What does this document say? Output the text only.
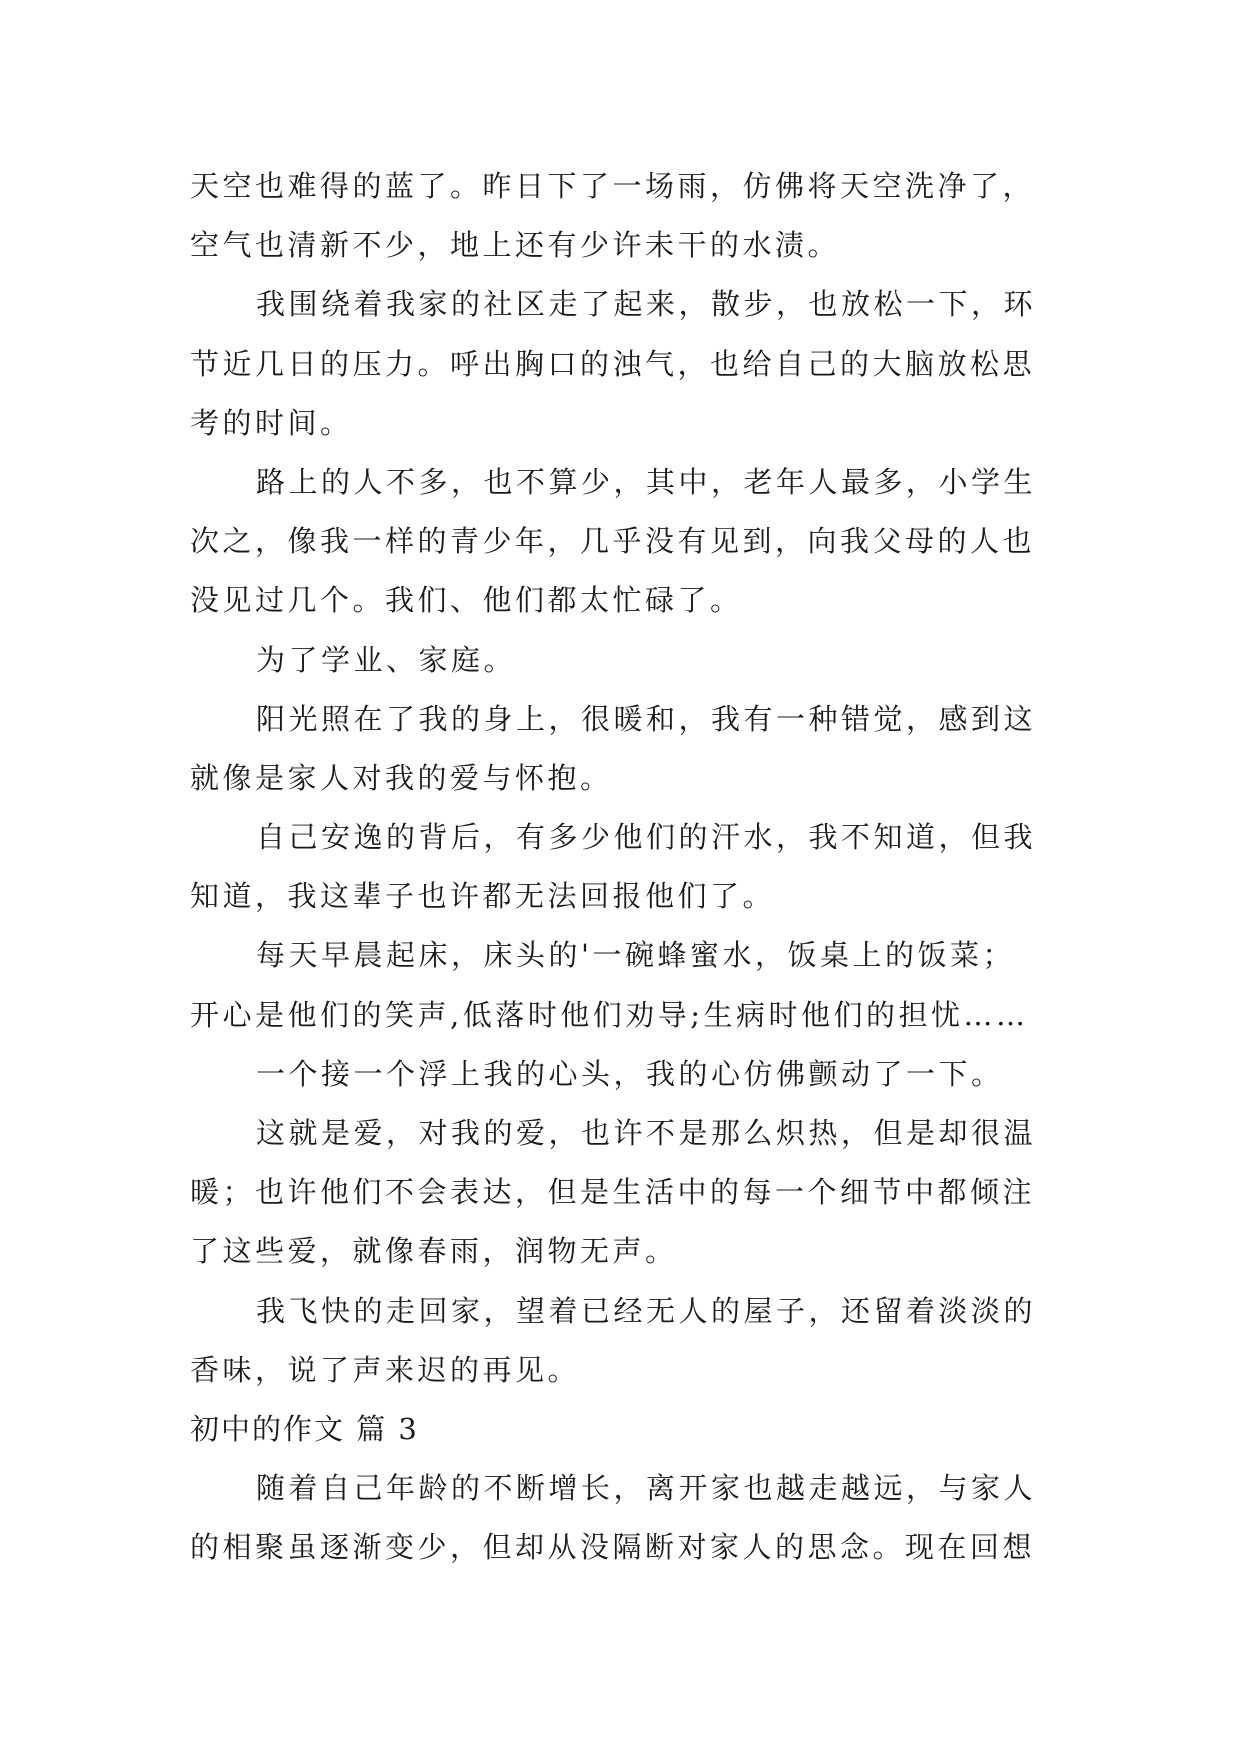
天空也难得的蓝了。昨日下了一场雨，仿佛将天空洗净了，
空气也清新不少，地上还有少许未干的水渍。
我围绕着我家的社区走了起来，散步，也放松一下，环
节近几日的压力。呼出胸口的浊气，也给自己的大脑放松思
考的时间。
路上的人不多，也不算少，其中，老年人最多，小学生
次之，像我一样的青少年，几乎没有见到，向我父母的人也
没见过几个。我们、他们都太忙碌了。
为了学业、家庭。
阳光照在了我的身上，很暖和，我有一种错觉，感到这
就像是家人对我的爱与怀抱。
自己安逸的背后，有多少他们的汗水，我不知道，但我
知道，我这辈子也许都无法回报他们了。
每天早晨起床，床头的'一碗蜂蜜水，饭桌上的饭菜；
开心是他们的笑声,低落时他们劝导;生病时他们的担忧……
一个接一个浮上我的心头，我的心仿佛颤动了一下。
这就是爱，对我的爱，也许不是那么炽热，但是却很温
暖；也许他们不会表达，但是生活中的每一个细节中都倾注
了这些爱，就像春雨，润物无声。
我飞快的走回家，望着已经无人的屋子，还留着淡淡的
香味，说了声来迟的再见。
初中的作文 篇 3
随着自己年龄的不断增长，离开家也越走越远，与家人
的相聚虽逐渐变少，但却从没隔断对家人的思念。现在回想
